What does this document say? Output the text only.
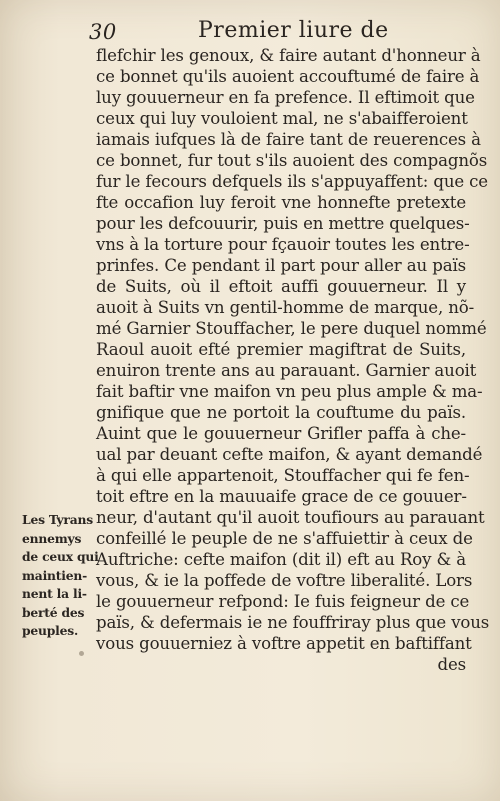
30	Premier liure de
flefchir les genoux, & faire autant d'honneur à
ce bonnet qu'ils auoient accouftumé de faire à
luy gouuerneur en fa prefence. Il eftimoit que
ceux qui luy vouloient mal, ne s'abaifferoient
iamais iufques là de faire tant de reuerences à
ce bonnet, fur tout s'ils auoient des compagnõs
fur le fecours defquels ils s'appuyaffent: que ce
fte occafion luy feroit vne honnefte pretexte
pour les defcouurir, puis en mettre quelques-
vns à la torture pour fçauoir toutes les entre-
prinfes. Ce pendant il part pour aller au païs
de Suits, où il eftoit auffi gouuerneur. Il y
auoit à Suits vn gentil-homme de marque, nõ-
mé Garnier Stouffacher, le pere duquel nommé
Raoul auoit efté premier magiftrat de Suits,
enuiron trente ans au parauant. Garnier auoit
fait baftir vne maifon vn peu plus ample & ma-
gnifique que ne portoit la couftume du païs.
Auint que le gouuerneur Grifler paffa à che-
ual par deuant cefte maifon, & ayant demandé
à qui elle appartenoit, Stouffacher qui fe fen-
toit eftre en la mauuaife grace de ce gouuer-
neur, d'autant qu'il auoit toufiours au parauant
confeillé le peuple de ne s'affuiettir à ceux de
Auftriche: cefte maifon (dit il) eft au Roy & à
vous, & ie la poffede de voftre liberalité. Lors
le gouuerneur refpond: Ie fuis feigneur de ce
païs, & defermais ie ne fouffriray plus que vous
vous gouuerniez à voftre appetit en baftiffant
des
Les Tyrans
ennemys
de ceux qui
maintien-
nent la li-
berté des
peuples.
